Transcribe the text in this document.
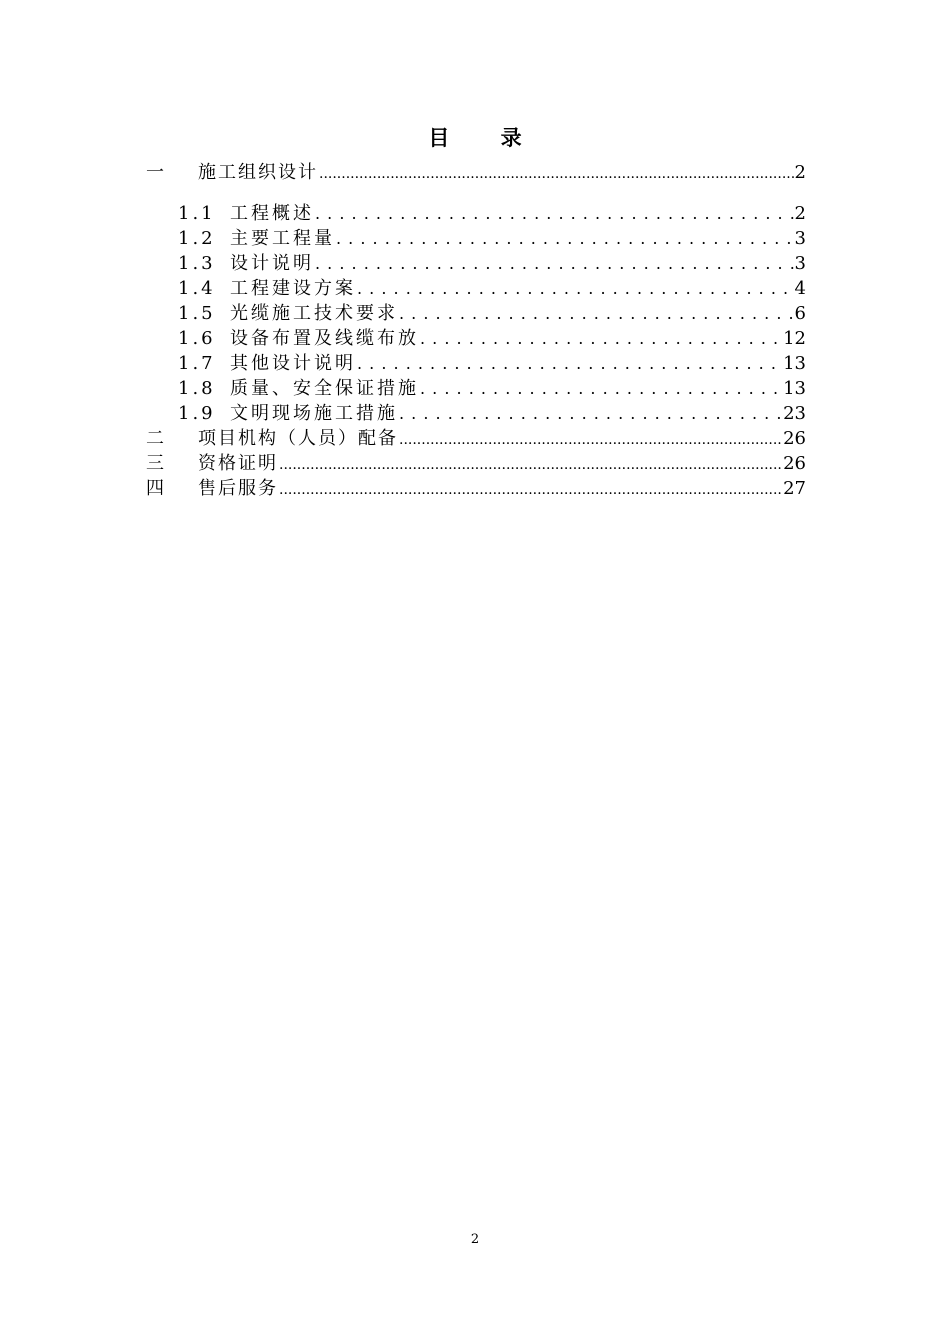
目 录
一	施工组织设计 .....	2
1.1 工程概述 . . .	2
1.2 主要工程量 . . .	3
1.3 设计说明 . . .	3
1.4 工程建设方案 . . .	4
1.5 光缆施工技术要求 . . .	6
1.6 设备布置及线缆布放 . . .	12
1.7 其他设计说明 . . .	13
1.8 质量、安全保证措施 . . .	13
1.9 文明现场施工措施 . . .	23
二	项目机构（人员）配备 .....	26
三	资格证明 .....	26
四	售后服务 .....	27
2
